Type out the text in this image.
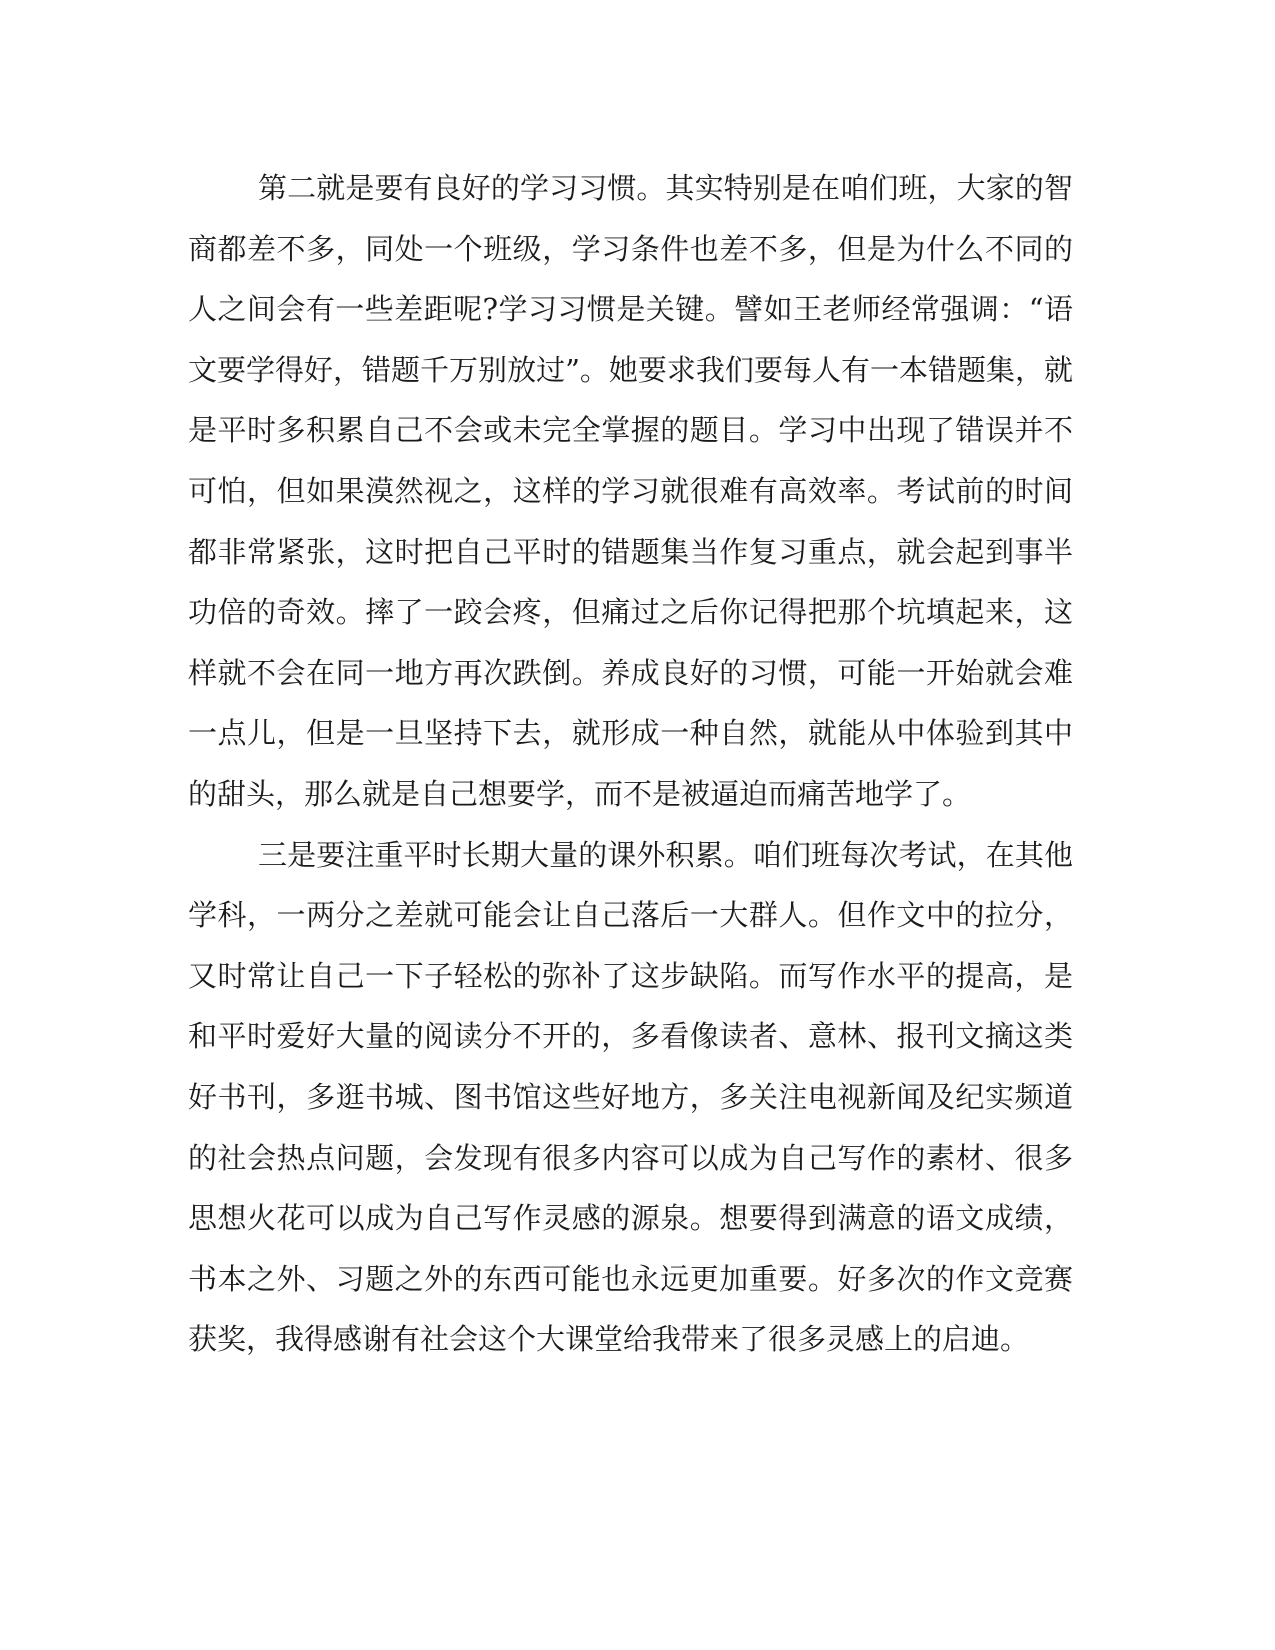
第二就是要有良好的学习习惯。其实特别是在咱们班，大家的智
商都差不多，同处一个班级，学习条件也差不多，但是为什么不同的
人之间会有一些差距呢?学习习惯是关键。譬如王老师经常强调：“语
文要学得好，错题千万别放过”。她要求我们要每人有一本错题集，就
是平时多积累自己不会或未完全掌握的题目。学习中出现了错误并不
可怕，但如果漠然视之，这样的学习就很难有高效率。考试前的时间
都非常紧张，这时把自己平时的错题集当作复习重点，就会起到事半
功倍的奇效。摔了一跤会疼，但痛过之后你记得把那个坑填起来，这
样就不会在同一地方再次跌倒。养成良好的习惯，可能一开始就会难
一点儿，但是一旦坚持下去，就形成一种自然，就能从中体验到其中
的甜头，那么就是自己想要学，而不是被逼迫而痛苦地学了。
三是要注重平时长期大量的课外积累。咱们班每次考试，在其他
学科，一两分之差就可能会让自己落后一大群人。但作文中的拉分，
又时常让自己一下子轻松的弥补了这步缺陷。而写作水平的提高，是
和平时爱好大量的阅读分不开的，多看像读者、意林、报刊文摘这类
好书刊，多逛书城、图书馆这些好地方，多关注电视新闻及纪实频道
的社会热点问题，会发现有很多内容可以成为自己写作的素材、很多
思想火花可以成为自己写作灵感的源泉。想要得到满意的语文成绩，
书本之外、习题之外的东西可能也永远更加重要。好多次的作文竞赛
获奖，我得感谢有社会这个大课堂给我带来了很多灵感上的启迪。
